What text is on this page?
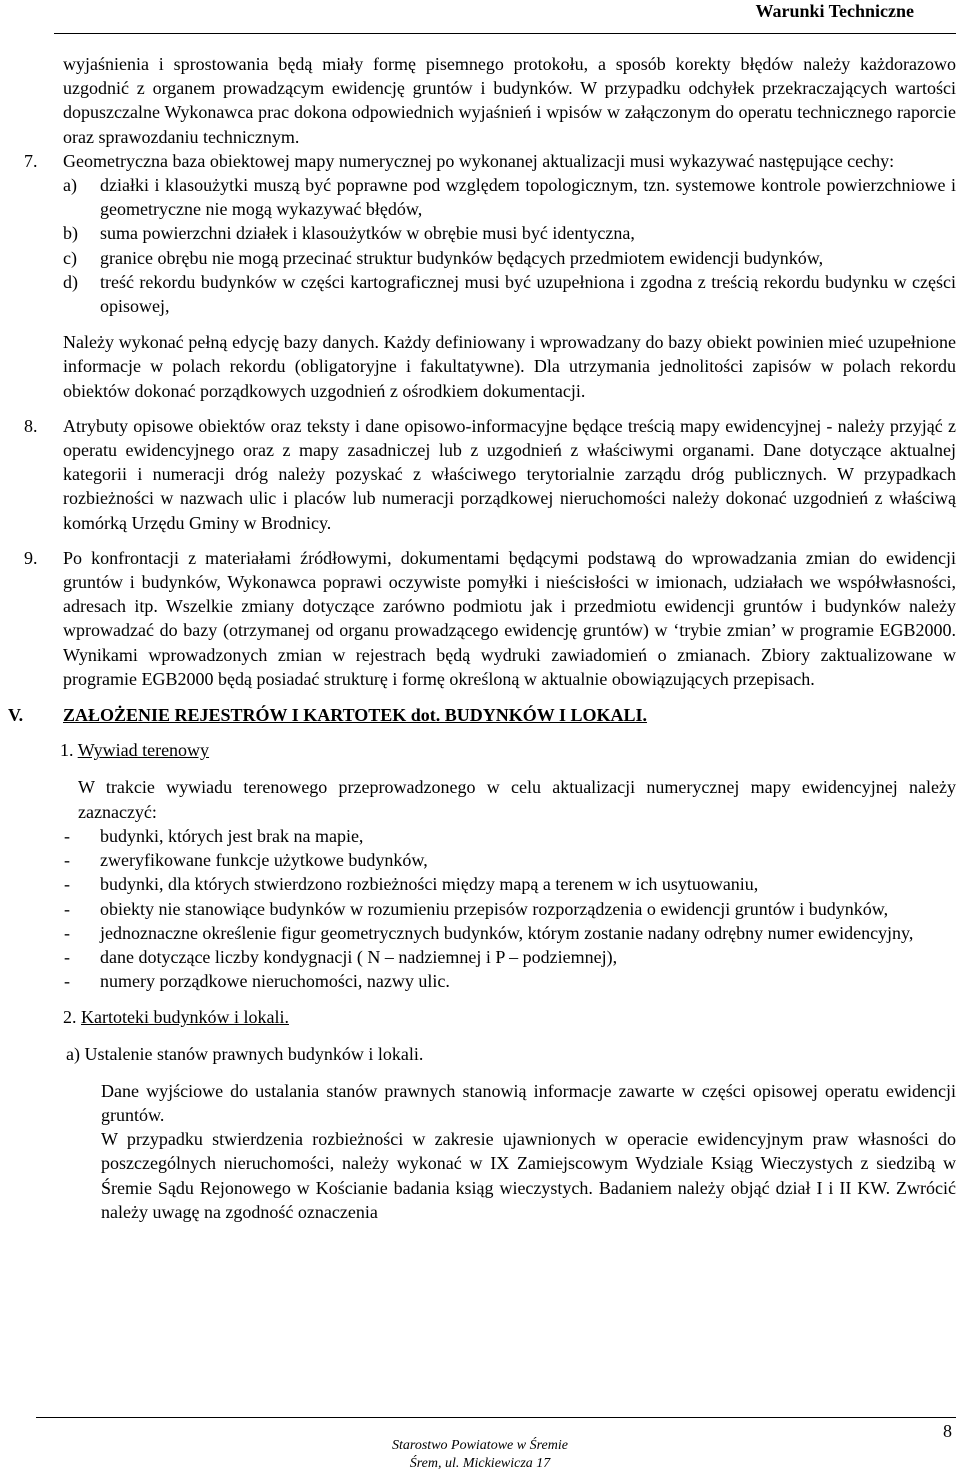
Warunki Techniczne

wyjaśnienia i sprostowania będą miały formę pisemnego protokołu, a sposób korekty błędów należy każdorazowo uzgodnić z organem prowadzącym ewidencję gruntów i budynków. W przypadku odchyłek przekraczających wartości dopuszczalne Wykonawca prac dokona odpowiednich wyjaśnień i wpisów w załączonym do operatu technicznego raporcie oraz sprawozdaniu technicznym.

7. Geometryczna baza obiektowej mapy numerycznej po wykonanej aktualizacji musi wykazywać następujące cechy:

a) działki i klasoużytki muszą być poprawne pod względem topologicznym, tzn. systemowe kontrole powierzchniowe i geometryczne nie mogą wykazywać błędów,

b) suma powierzchni działek i klasoużytków w obrębie musi być identyczna,

c) granice obrębu nie mogą przecinać struktur budynków będących przedmiotem ewidencji budynków,

d) treść rekordu budynków w części kartograficznej musi być uzupełniona i zgodna z treścią rekordu budynku w części opisowej,

Należy wykonać pełną edycję bazy danych. Każdy definiowany i wprowadzany do bazy obiekt powinien mieć uzupełnione informacje w polach rekordu (obligatoryjne i fakultatywne). Dla utrzymania jednolitości zapisów w polach rekordu obiektów dokonać porządkowych uzgodnień z ośrodkiem dokumentacji.

8. Atrybuty opisowe obiektów oraz teksty i dane opisowo-informacyjne będące treścią mapy ewidencyjnej - należy przyjąć z operatu ewidencyjnego oraz z mapy zasadniczej lub z uzgodnień z właściwymi organami. Dane dotyczące aktualnej kategorii i numeracji dróg należy pozyskać z właściwego terytorialnie zarządu dróg publicznych. W przypadkach rozbieżności w nazwach ulic i placów lub numeracji porządkowej nieruchomości należy dokonać uzgodnień z właściwą komórką Urzędu Gminy w Brodnicy.

9. Po konfrontacji z materiałami źródłowymi, dokumentami będącymi podstawą do wprowadzania zmian do ewidencji gruntów i budynków, Wykonawca poprawi oczywiste pomyłki i nieścisłości w imionach, udziałach we współwłasności, adresach itp. Wszelkie zmiany dotyczące zarówno podmiotu jak i przedmiotu ewidencji gruntów i budynków należy wprowadzać do bazy (otrzymanej od organu prowadzącego ewidencję gruntów) w ‘trybie zmian’ w programie EGB2000. Wynikami wprowadzonych zmian w rejestrach będą wydruki zawiadomień o zmianach. Zbiory zaktualizowane w programie EGB2000 będą posiadać strukturę i formę określoną w aktualnie obowiązujących przepisach.

V. ZAŁOŻENIE REJESTRÓW I KARTOTEK dot. BUDYNKÓW I LOKALI.
1. Wywiad terenowy

W trakcie wywiadu terenowego przeprowadzonego w celu aktualizacji numerycznej mapy ewidencyjnej należy zaznaczyć:

- budynki, których jest brak na mapie,

- zweryfikowane funkcje użytkowe budynków,

- budynki, dla których stwierdzono rozbieżności między mapą a terenem w ich usytuowaniu,

- obiekty nie stanowiące budynków w rozumieniu przepisów rozporządzenia o ewidencji gruntów i budynków,

- jednoznaczne określenie figur geometrycznych budynków, którym zostanie nadany odrębny numer ewidencyjny,

- dane dotyczące liczby kondygnacji ( N – nadziemnej i P – podziemnej),

- numery porządkowe nieruchomości, nazwy ulic.

2. Kartoteki budynków i lokali.
a) Ustalenie stanów prawnych budynków i lokali.

Dane wyjściowe do ustalania stanów prawnych stanowią informacje zawarte w części opisowej operatu ewidencji gruntów.

W przypadku stwierdzenia rozbieżności w zakresie ujawnionych w operacie ewidencyjnym praw własności do poszczególnych nieruchomości, należy wykonać w IX Zamiejscowym Wydziale Ksiąg Wieczystych z siedzibą w Śremie Sądu Rejonowego w Kościanie badania ksiąg wieczystych. Badaniem należy objąć dział I i II KW. Zwrócić należy uwagę na zgodność oznaczenia

8
Starostwo Powiatowe w Śremie
Śrem, ul. Mickiewicza 17
